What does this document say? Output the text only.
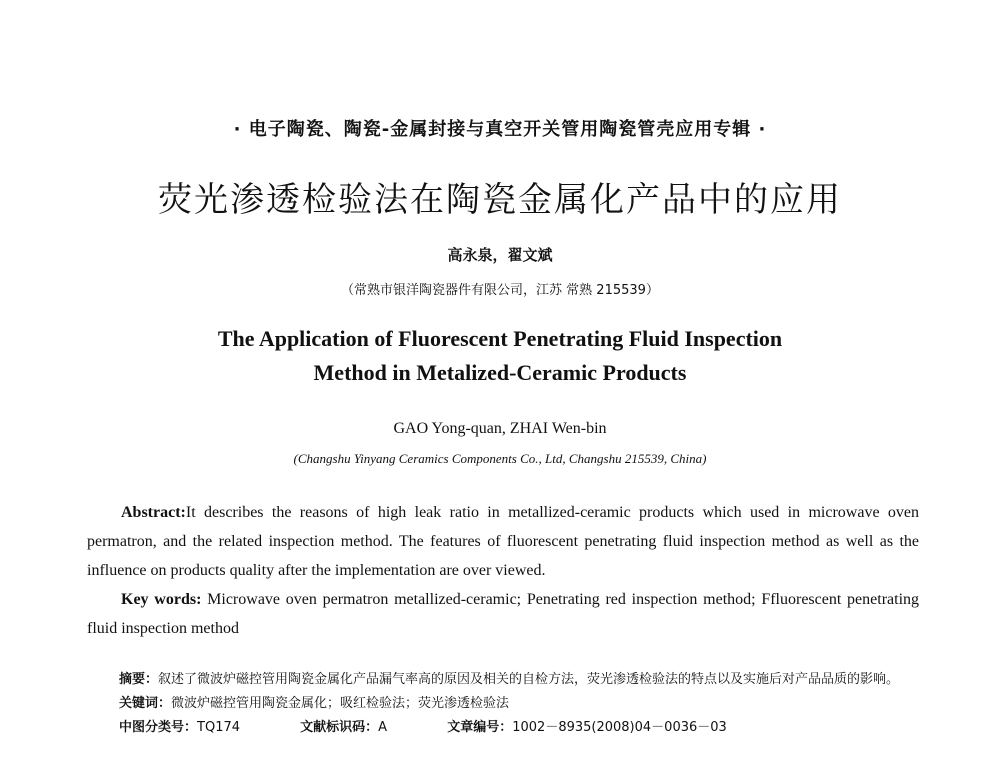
· 电子陶瓷、陶瓷-金属封接与真空开关管用陶瓷管壳应用专辑 ·
荧光渗透检验法在陶瓷金属化产品中的应用
高永泉，翟文斌
（常熟市银洋陶瓷器件有限公司，江苏 常熟 215539）
The Application of Fluorescent Penetrating Fluid Inspection
Method in Metalized-Ceramic Products
GAO Yong-quan, ZHAI Wen-bin
(Changshu Yinyang Ceramics Components Co., Ltd, Changshu 215539, China)

Abstract:It describes the reasons of high leak ratio in metallized-ceramic products which used in microwave oven permatron, and the related inspection method. The features of fluorescent penetrating fluid inspection method as well as the influence on products quality after the implementation are over viewed.

Key words: Microwave oven permatron metallized-ceramic; Penetrating red inspection method; Ffluorescent penetrating fluid inspection method

摘要：叙述了微波炉磁控管用陶瓷金属化产品漏气率高的原因及相关的自检方法，荧光渗透检验法的特点以及实施后对产品品质的影响。

关键词：微波炉磁控管用陶瓷金属化；吸红检验法；荧光渗透检验法

中图分类号：TQ174	文献标识码：A	文章编号：1002－8935(2008)04－0036－03
